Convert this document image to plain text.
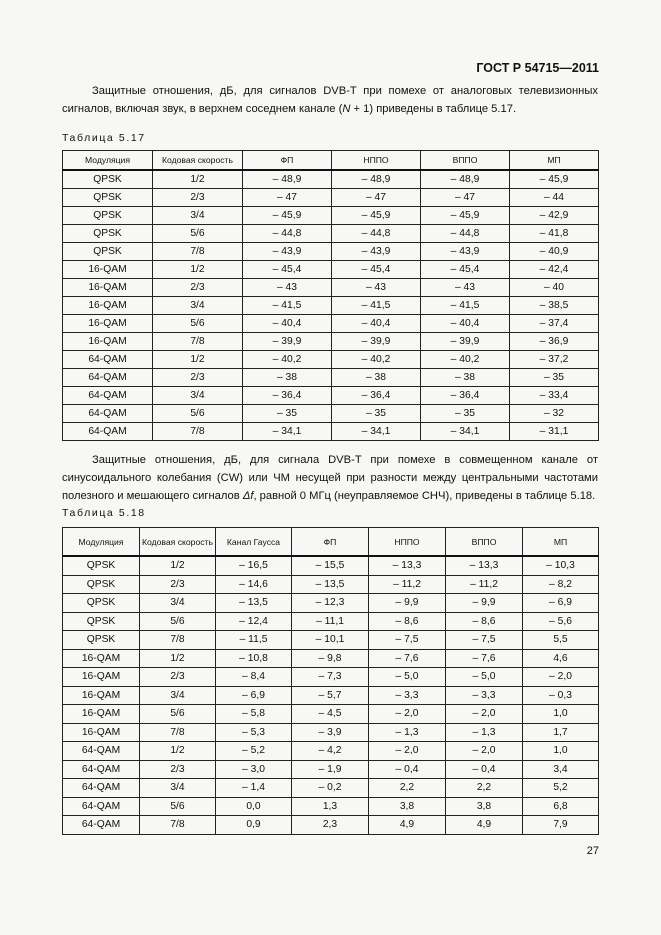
ГОСТ Р 54715—2011

Защитные отношения, дБ, для сигналов DVB-T при помехе от аналоговых телевизионных сигналов, включая звук, в верхнем соседнем канале (N + 1) приведены в таблице 5.17.

Таблица 5.17
Модуляция	Кодовая скорость	ФП	НППО	ВППО	МП
QPSK	1/2	– 48,9	– 48,9	– 48,9	– 45,9
QPSK	2/3	– 47	– 47	– 47	– 44
QPSK	3/4	– 45,9	– 45,9	– 45,9	– 42,9
QPSK	5/6	– 44,8	– 44,8	– 44,8	– 41,8
QPSK	7/8	– 43,9	– 43,9	– 43,9	– 40,9
16-QAM	1/2	– 45,4	– 45,4	– 45,4	– 42,4
16-QAM	2/3	– 43	– 43	– 43	– 40
16-QAM	3/4	– 41,5	– 41,5	– 41,5	– 38,5
16-QAM	5/6	– 40,4	– 40,4	– 40,4	– 37,4
16-QAM	7/8	– 39,9	– 39,9	– 39,9	– 36,9
64-QAM	1/2	– 40,2	– 40,2	– 40,2	– 37,2
64-QAM	2/3	– 38	– 38	– 38	– 35
64-QAM	3/4	– 36,4	– 36,4	– 36,4	– 33,4
64-QAM	5/6	– 35	– 35	– 35	– 32
64-QAM	7/8	– 34,1	– 34,1	– 34,1	– 31,1

Защитные отношения, дБ, для сигнала DVB-T при помехе в совмещенном канале от синусоидального колебания (CW) или ЧМ несущей при разности между центральными частотами полезного и мешающего сигналов Δf, равной 0 МГц (неуправляемое СНЧ), приведены в таблице 5.18.

Таблица 5.18
Модуляция	Кодовая скорость	Канал Гаусса	ФП	НППО	ВППО	МП
QPSK	1/2	– 16,5	– 15,5	– 13,3	– 13,3	– 10,3
QPSK	2/3	– 14,6	– 13,5	– 11,2	– 11,2	– 8,2
QPSK	3/4	– 13,5	– 12,3	– 9,9	– 9,9	– 6,9
QPSK	5/6	– 12,4	– 11,1	– 8,6	– 8,6	– 5,6
QPSK	7/8	– 11,5	– 10,1	– 7,5	– 7,5	5,5
16-QAM	1/2	– 10,8	– 9,8	– 7,6	– 7,6	4,6
16-QAM	2/3	– 8,4	– 7,3	– 5,0	– 5,0	– 2,0
16-QAM	3/4	– 6,9	– 5,7	– 3,3	– 3,3	– 0,3
16-QAM	5/6	– 5,8	– 4,5	– 2,0	– 2,0	1,0
16-QAM	7/8	– 5,3	– 3,9	– 1,3	– 1,3	1,7
64-QAM	1/2	– 5,2	– 4,2	– 2,0	– 2,0	1,0
64-QAM	2/3	– 3,0	– 1,9	– 0,4	– 0,4	3,4
64-QAM	3/4	– 1,4	– 0,2	2,2	2,2	5,2
64-QAM	5/6	0,0	1,3	3,8	3,8	6,8
64-QAM	7/8	0,9	2,3	4,9	4,9	7,9
27
